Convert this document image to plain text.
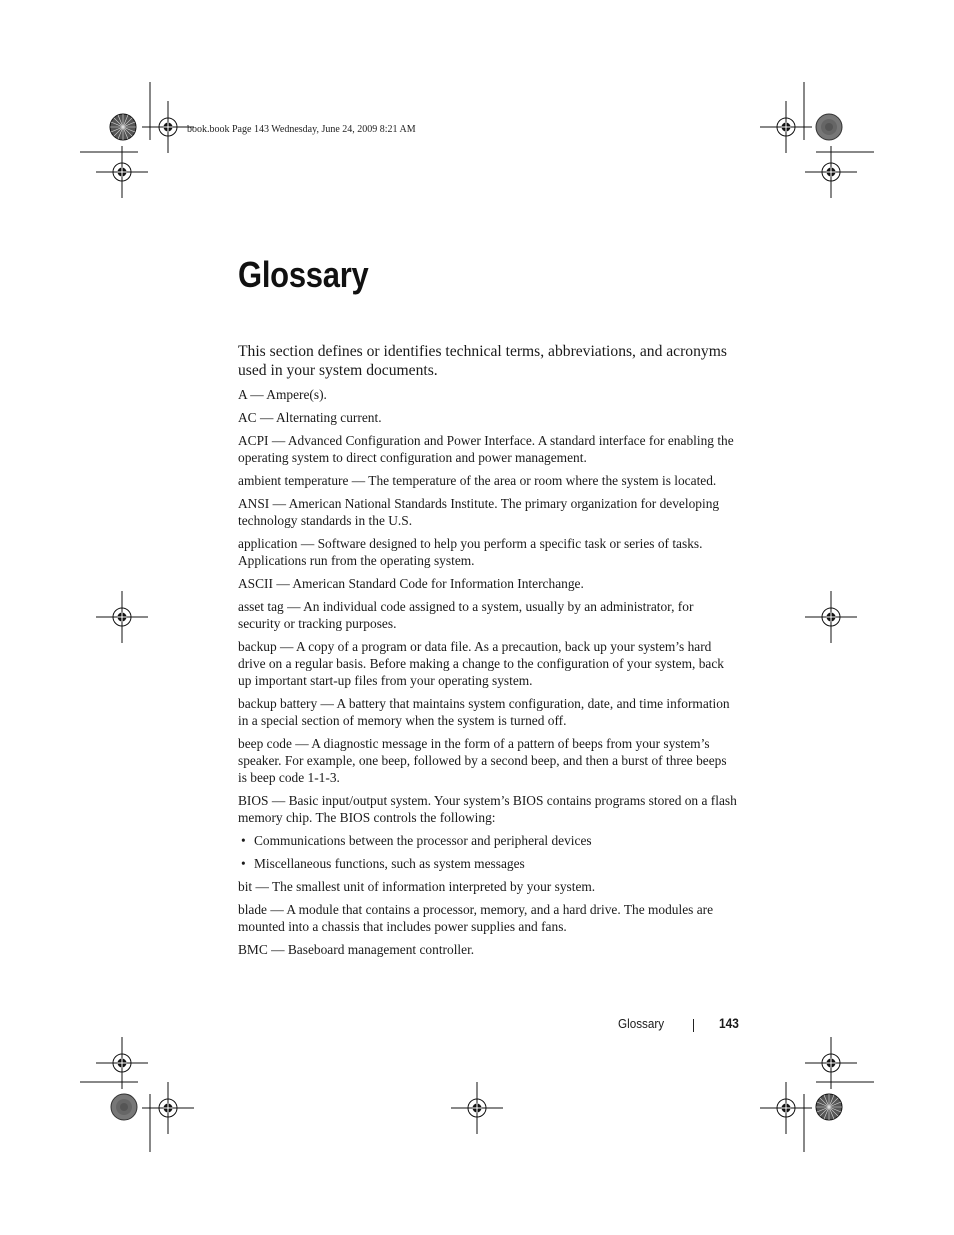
book.book Page 143 Wednesday, June 24, 2009 8:21 AM
Glossary

This section defines or identifies technical terms, abbreviations, and acronyms used in your system documents.

A — Ampere(s).

AC — Alternating current.

ACPI — Advanced Configuration and Power Interface. A standard interface for enabling the operating system to direct configuration and power management.

ambient temperature — The temperature of the area or room where the system is located.

ANSI — American National Standards Institute. The primary organization for developing technology standards in the U.S.

application — Software designed to help you perform a specific task or series of tasks. Applications run from the operating system.

ASCII — American Standard Code for Information Interchange.

asset tag — An individual code assigned to a system, usually by an administrator, for security or tracking purposes.

backup — A copy of a program or data file. As a precaution, back up your system’s hard drive on a regular basis. Before making a change to the configuration of your system, back up important start-up files from your operating system.

backup battery — A battery that maintains system configuration, date, and time information in a special section of memory when the system is turned off.

beep code — A diagnostic message in the form of a pattern of beeps from your system’s speaker. For example, one beep, followed by a second beep, and then a burst of three beeps is beep code 1-1-3.

BIOS — Basic input/output system. Your system’s BIOS contains programs stored on a flash memory chip. The BIOS controls the following:

• Communications between the processor and peripheral devices
• Miscellaneous functions, such as system messages

bit — The smallest unit of information interpreted by your system.

blade — A module that contains a processor, memory, and a hard drive. The modules are mounted into a chassis that includes power supplies and fans.

BMC — Baseboard management controller.

Glossary	143
